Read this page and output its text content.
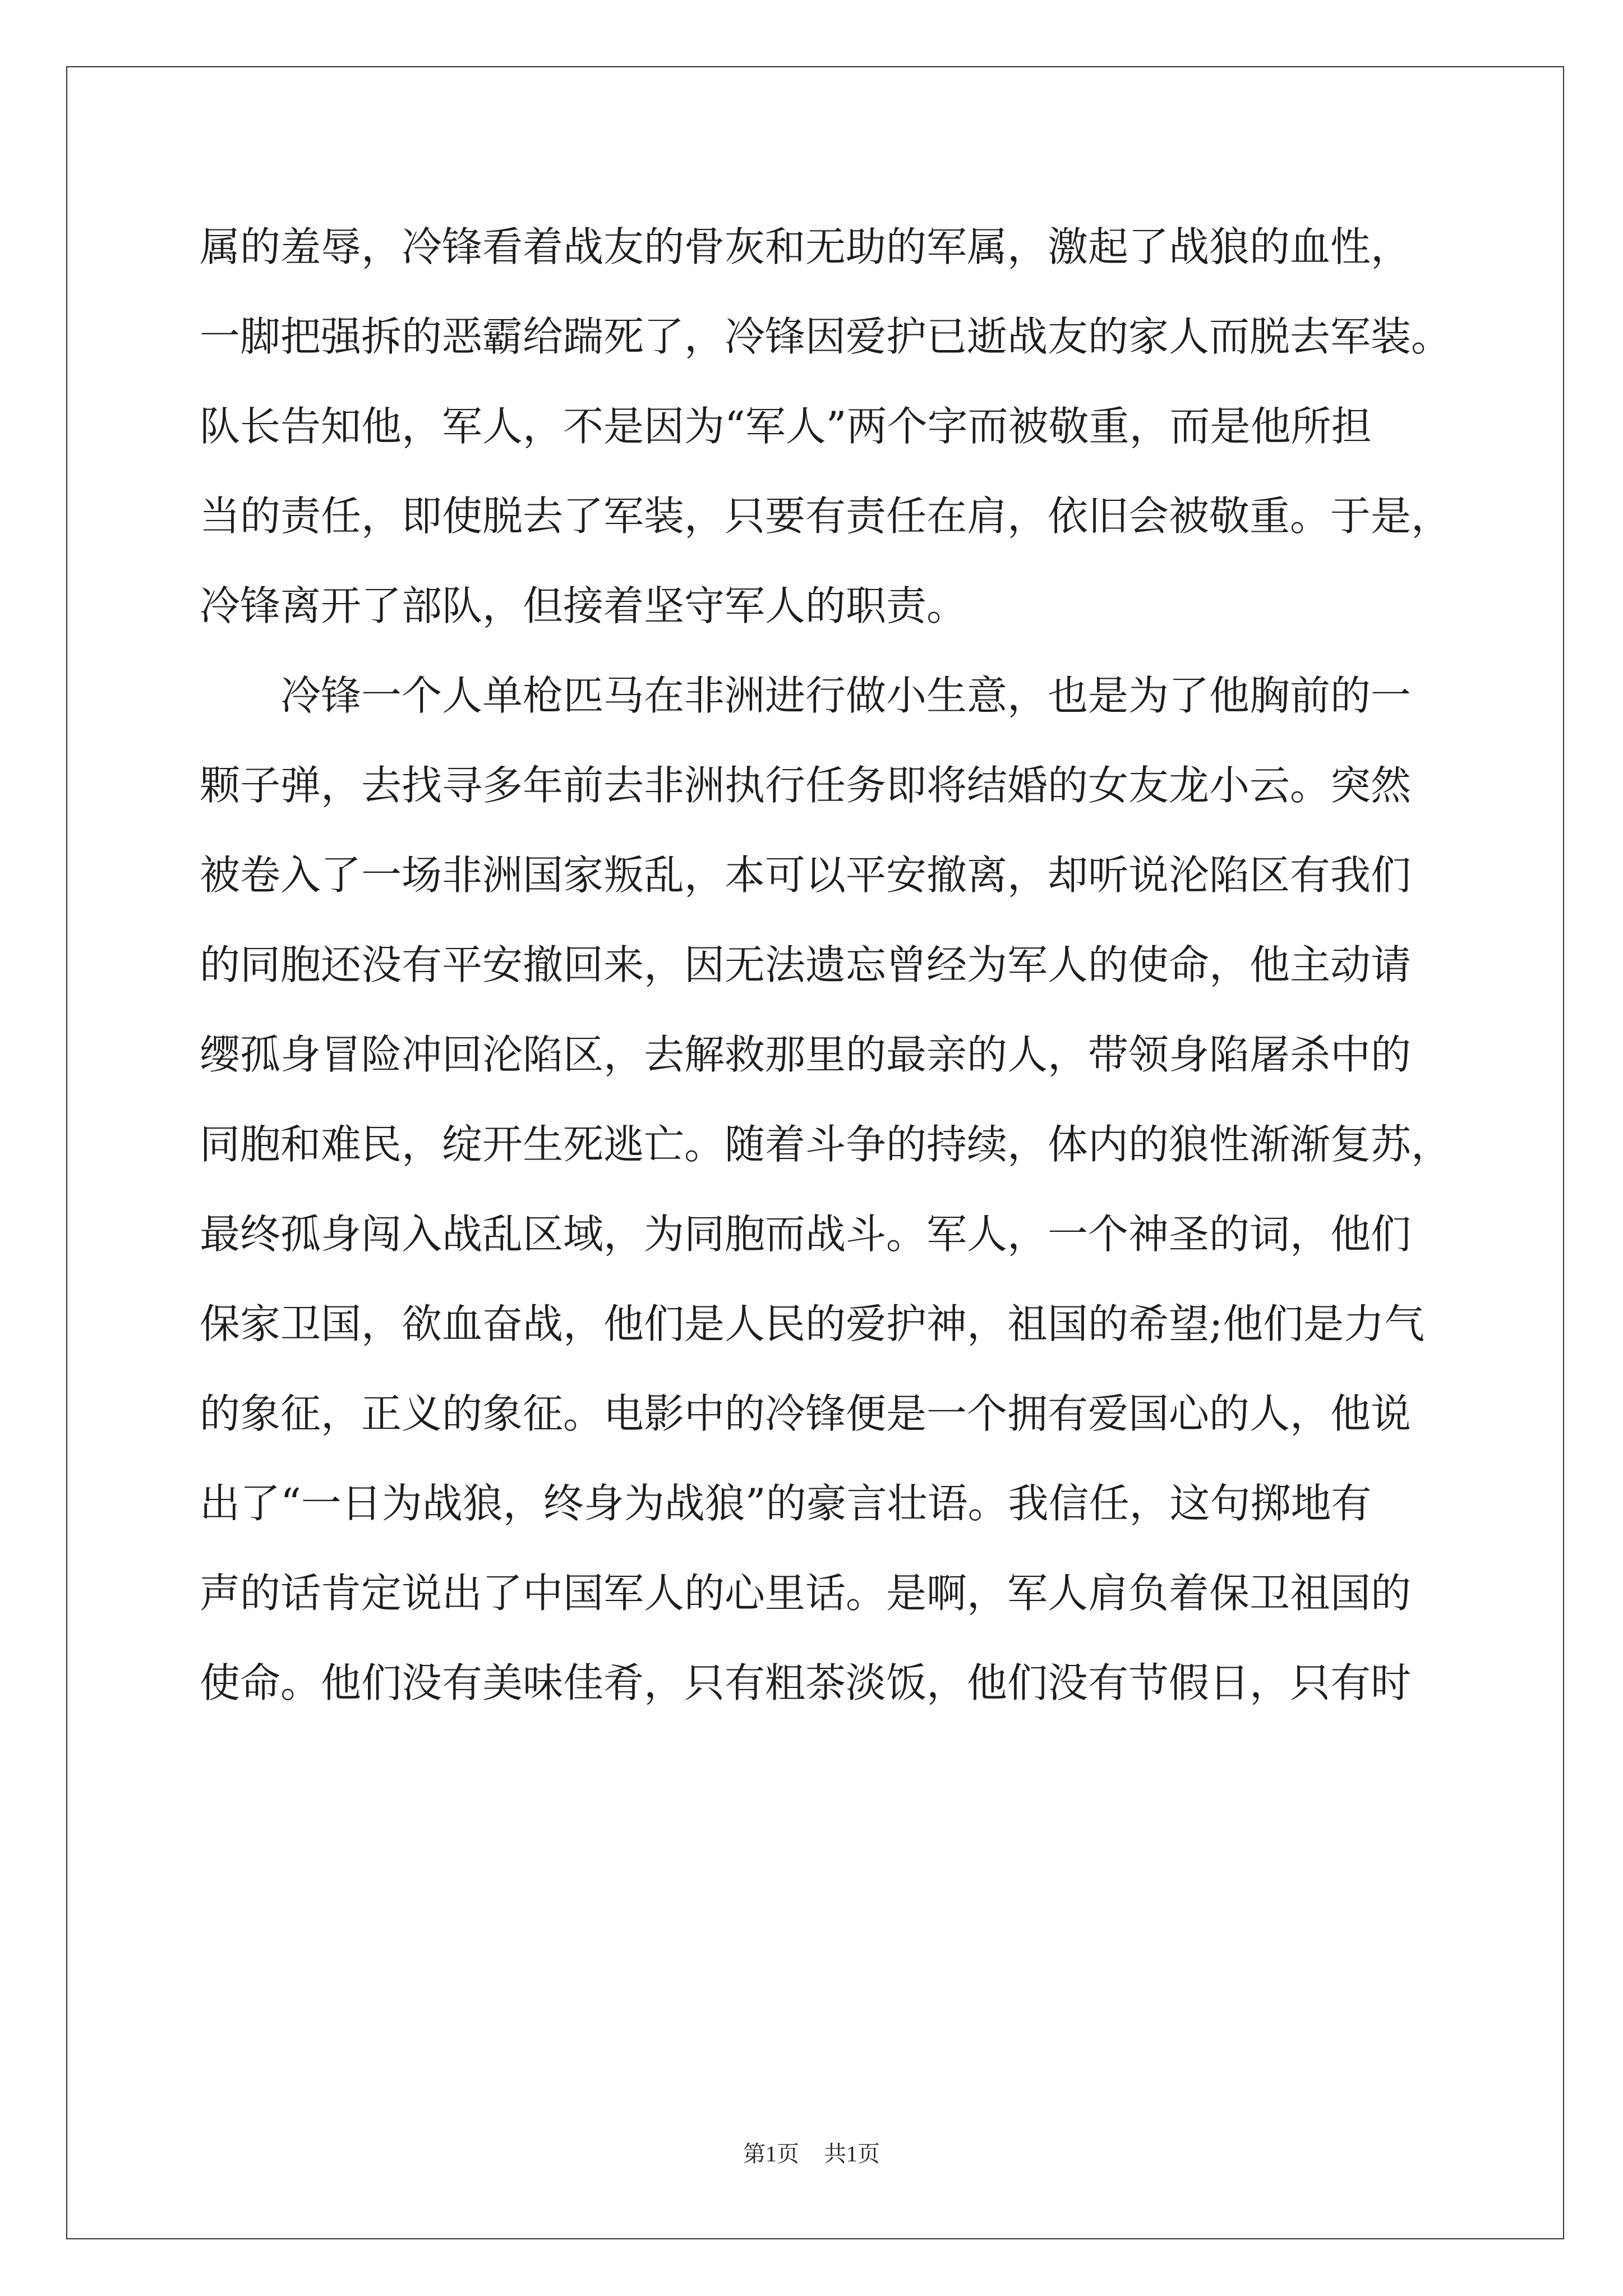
属的羞辱，冷锋看着战友的骨灰和无助的军属，激起了战狼的血性，
一脚把强拆的恶霸给踹死了，冷锋因爱护已逝战友的家人而脱去军装。
队长告知他，军人，不是因为“军人”两个字而被敬重，而是他所担
当的责任，即使脱去了军装，只要有责任在肩，依旧会被敬重。于是，
冷锋离开了部队，但接着坚守军人的职责。
冷锋一个人单枪匹马在非洲进行做小生意，也是为了他胸前的一
颗子弹，去找寻多年前去非洲执行任务即将结婚的女友龙小云。突然
被卷入了一场非洲国家叛乱，本可以平安撤离，却听说沦陷区有我们
的同胞还没有平安撤回来，因无法遗忘曾经为军人的使命，他主动请
缨孤身冒险冲回沦陷区，去解救那里的最亲的人，带领身陷屠杀中的
同胞和难民，绽开生死逃亡。随着斗争的持续，体内的狼性渐渐复苏，
最终孤身闯入战乱区域，为同胞而战斗。军人，一个神圣的词，他们
保家卫国，欲血奋战，他们是人民的爱护神，祖国的希望;他们是力气
的象征，正义的象征。电影中的冷锋便是一个拥有爱国心的人，他说
出了“一日为战狼，终身为战狼”的豪言壮语。我信任，这句掷地有
声的话肯定说出了中国军人的心里话。是啊，军人肩负着保卫祖国的
使命。他们没有美味佳肴，只有粗茶淡饭，他们没有节假日，只有时
第1页 共1页
